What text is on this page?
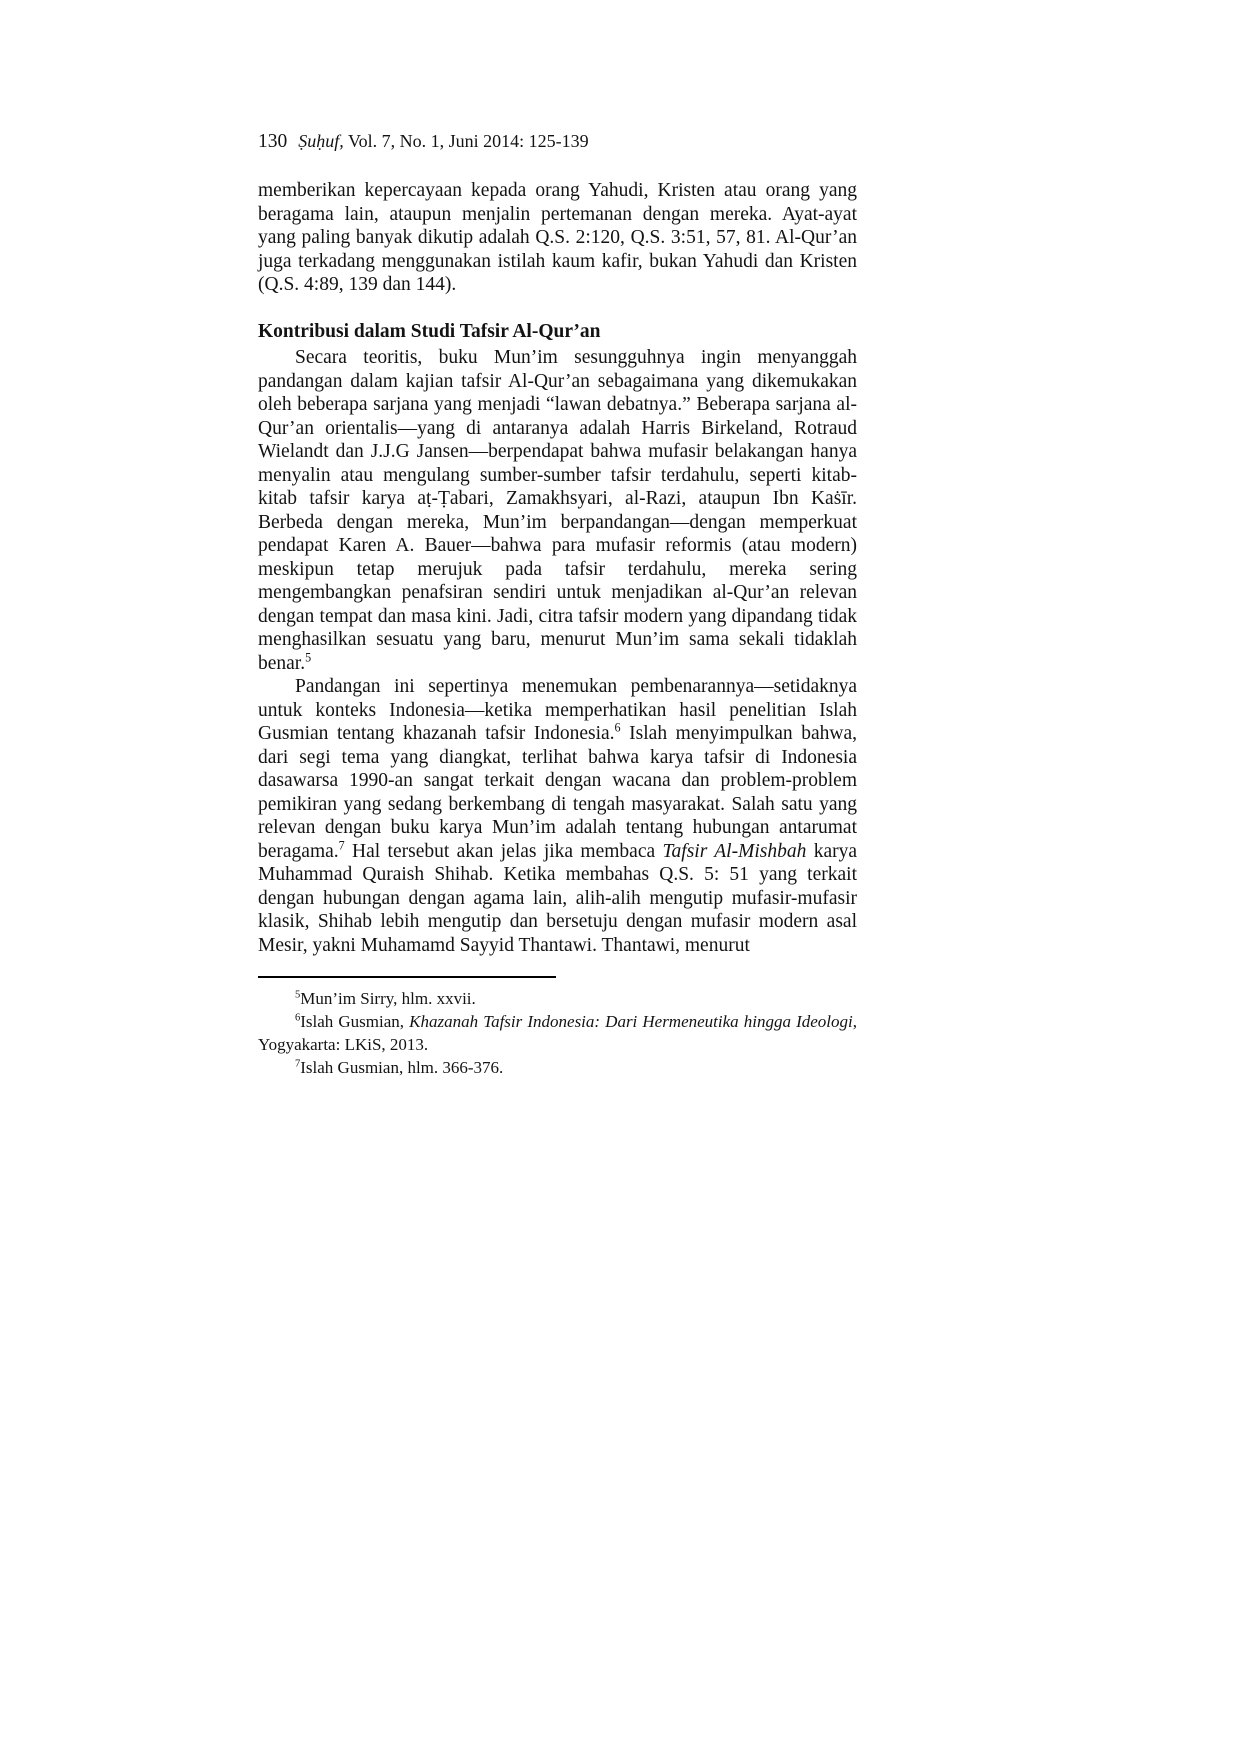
130 Ṣuḥuf, Vol. 7, No. 1, Juni 2014: 125-139

memberikan kepercayaan kepada orang Yahudi, Kristen atau orang yang beragama lain, ataupun menjalin pertemanan dengan mereka. Ayat-ayat yang paling banyak dikutip adalah Q.S. 2:120, Q.S. 3:51, 57, 81. Al-Qur’an juga terkadang menggunakan istilah kaum kafir, bukan Yahudi dan Kristen (Q.S. 4:89, 139 dan 144).

Kontribusi dalam Studi Tafsir Al-Qur’an

Secara teoritis, buku Mun’im sesungguhnya ingin menyanggah pandangan dalam kajian tafsir Al-Qur’an sebagaimana yang dikemukakan oleh beberapa sarjana yang menjadi “lawan debatnya.” Beberapa sarjana al-Qur’an orientalis—yang di antaranya adalah Harris Birkeland, Rotraud Wielandt dan J.J.G Jansen—berpendapat bahwa mufasir belakangan hanya menyalin atau mengulang sumber-sumber tafsir terdahulu, seperti kitab-kitab tafsir karya aṭ-Ṭabari, Zamakhsyari, al-Razi, ataupun Ibn Kaṡīr. Berbeda dengan mereka, Mun’im berpandangan—dengan memperkuat pendapat Karen A. Bauer—bahwa para mufasir reformis (atau modern) meskipun tetap merujuk pada tafsir terdahulu, mereka sering mengembangkan penafsiran sendiri untuk menjadikan al-Qur’an relevan dengan tempat dan masa kini. Jadi, citra tafsir modern yang dipandang tidak menghasilkan sesuatu yang baru, menurut Mun’im sama sekali tidaklah benar.$^5$

Pandangan ini sepertinya menemukan pembenarannya—setidaknya untuk konteks Indonesia—ketika memperhatikan hasil penelitian Islah Gusmian tentang khazanah tafsir Indonesia.$^6$ Islah menyimpulkan bahwa, dari segi tema yang diangkat, terlihat bahwa karya tafsir di Indonesia dasawarsa 1990-an sangat terkait dengan wacana dan problem-problem pemikiran yang sedang berkembang di tengah masyarakat. Salah satu yang relevan dengan buku karya Mun’im adalah tentang hubungan antarumat beragama.$^7$ Hal tersebut akan jelas jika membaca Tafsir Al-Mishbah karya Muhammad Quraish Shihab. Ketika membahas Q.S. 5: 51 yang terkait dengan hubungan dengan agama lain, alih-alih mengutip mufasir-mufasir klasik, Shihab lebih mengutip dan bersetuju dengan mufasir modern asal Mesir, yakni Muhamamd Sayyid Thantawi. Thantawi, menurut

$^5$Mun’im Sirry, hlm. xxvii.

$^6$Islah Gusmian, Khazanah Tafsir Indonesia: Dari Hermeneutika hingga Ideologi, Yogyakarta: LKiS, 2013.

$^7$Islah Gusmian, hlm. 366-376.
